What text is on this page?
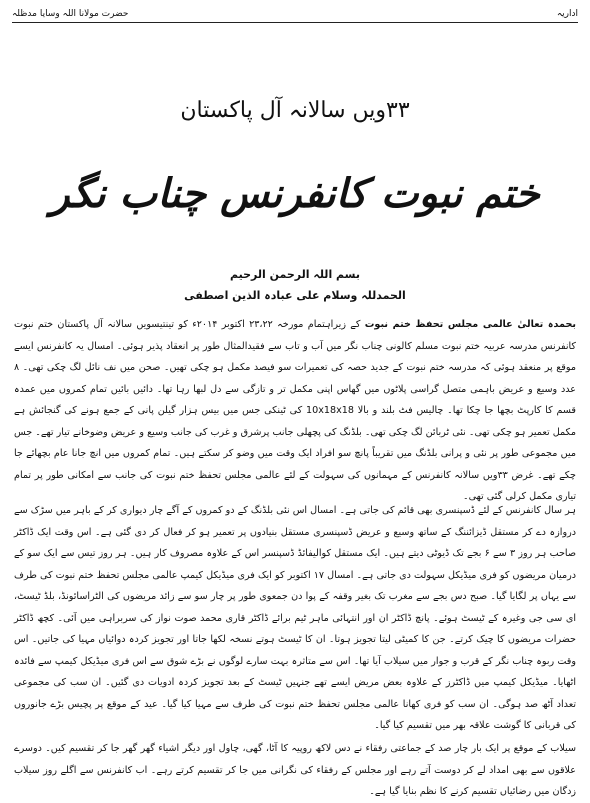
اداریہ
حضرت مولانا اللہ وسایا مدظلہ
۳۳ویں سالانہ آل پاکستان
ختم نبوت کانفرنس چناب نگر
بسم اللہ الرحمن الرحیم
الحمدللہ وسلام علی عبادہ الذین اصطفی

بحمدہ تعالیٰ عالمی مجلس تحفظ ختم نبوت کے زیراہتمام مورخہ ۲۳،۲۲ اکتوبر ۲۰۱۴ء کو تینتیسویں سالانہ آل پاکستان ختم نبوت کانفرنس مدرسہ عربیہ ختم نبوت مسلم کالونی چناب نگر میں آب و تاب سے فقیدالمثال طور پر انعقاد پذیر ہوئی۔ امسال یہ کانفرنس ایسے موقع پر منعقد ہوئی کہ مدرسہ ختم نبوت کے جدید حصہ کی تعمیرات سو فیصد مکمل ہو چکی تھیں۔ صحن میں نف نائل لگ چکی تھی۔ ۸ عدد وسیع و عریض باہمی متصل گراسی پلاٹوں میں گھاس اپنی مکمل تر و تازگی سے دل لبھا رہا تھا۔ دائیں بائیں تمام کمروں میں عمدہ قسم کا کارپٹ بچھا جا چکا تھا۔ چالیس فٹ بلند و بالا 10x18x18 کی ٹینکی جس میں بیس ہزار گیلن پانی کے جمع ہونے کی گنجائش ہے مکمل تعمیر ہو چکی تھی۔ نئی ٹربائن لگ چکی تھی۔ بلڈنگ کی پچھلی جانب پرشرق و غرب کی جانب وسیع و عریض وضوخانے تیار تھے۔ جس میں مجموعی طور پر نئی و پرانی بلڈنگ میں تقریباً پانچ سو افراد ایک وقت میں وضو کر سکتے ہیں۔ تمام کمروں میں انچ جانا عام بچھائے جا چکے تھے۔ غرض ۳۳ویں سالانہ کانفرنس کے مہمانوں کی سہولت کے لئے عالمی مجلس تحفظ ختم نبوت کی جانب سے امکانی طور پر تمام تیاری مکمل کرلی گئی تھی۔

ہر سال کانفرنس کے لئے ڈسپنسری بھی قائم کی جاتی ہے۔ امسال اس نئی بلڈنگ کے دو کمروں کے آگے چار دیواری کر کے باہر میں سڑک سے دروازہ دے کر مستقل ڈیزائننگ کے ساتھ وسیع و عریض ڈسپنسری مستقل بنیادوں پر تعمیر ہو کر فعال کر دی گئی ہے۔ اس وقت ایک ڈاکٹر صاحب ہر روز ۳ سے ۶ بجے تک ڈیوٹی دیتے ہیں۔ ایک مستقل کوالیفائڈ ڈسپنسر اس کے علاوہ مصروف کار ہیں۔ ہر روز تیس سے ایک سو کے درمیان مریضوں کو فری میڈیکل سہولت دی جاتی ہے۔ امسال ۱۷ اکتوبر کو ایک فری میڈیکل کیمپ عالمی مجلس تحفظ ختم نبوت کی طرف سے یہاں پر لگایا گیا۔ صبح دس بجے سے مغرب تک بغیر وقفہ کے پوا دن جمعوی طور پر چار سو سے زائد مریضوں کی الٹراسائونڈ، بلڈ ٹیسٹ، ای سی جی وغیرہ کے ٹیسٹ ہوئے۔ پانچ ڈاکٹر ان اور انتہائی ماہر ٹیم برائے ڈاکٹر قاری محمد صوت نواز کی سربراہی میں آئی۔ کچھ ڈاکٹر حضرات مریضوں کا چیک کرتے۔ جن کا کمیٹی لیتا تجویز ہوتا۔ ان کا ٹیسٹ ہوتے نسخہ لکھا جاتا اور تجویز کردہ دوائیاں مہیا کی جاتیں۔ اس وقت ربوہ چناب نگر کے قرب و جوار میں سیلاب آیا تھا۔ اس سے متاثرہ بہت سارے لوگوں نے بڑے شوق سے اس فری میڈیکل کیمپ سے فائدہ اٹھایا۔ میڈیکل کیمپ میں ڈاکٹرز کے علاوہ بعض مریض ایسے تھے جنہیں ٹیسٹ کے بعد تجویز کردہ ادویات دی گئیں۔ ان سب کی مجموعی تعداد آٹھ صد ہوگی۔ ان سب کو فری کھانا عالمی مجلس تحفظ ختم نبوت کی طرف سے مہیا کیا گیا۔ عید کے موقع پر پچیس بڑے جانوروں کی قربانی کا گوشت علاقہ بھر میں تقسیم کیا گیا۔

سیلاب کے موقع پر ایک بار چار صد کے جماعتی رفقاء نے دس لاکھ روپیہ کا آٹا، گھی، چاول اور دیگر اشیاء گھر گھر جا کر تقسیم کیں۔ دوسرے علاقوں سے بھی امداد لے کر دوست آتے رہے اور مجلس کے رفقاء کی نگرانی میں جا کر تقسیم کرتے رہے۔ اب کانفرنس سے اگلے روز سیلاب زدگان میں رضائیاں تقسیم کرنے کا نظم بنایا گیا ہے۔
